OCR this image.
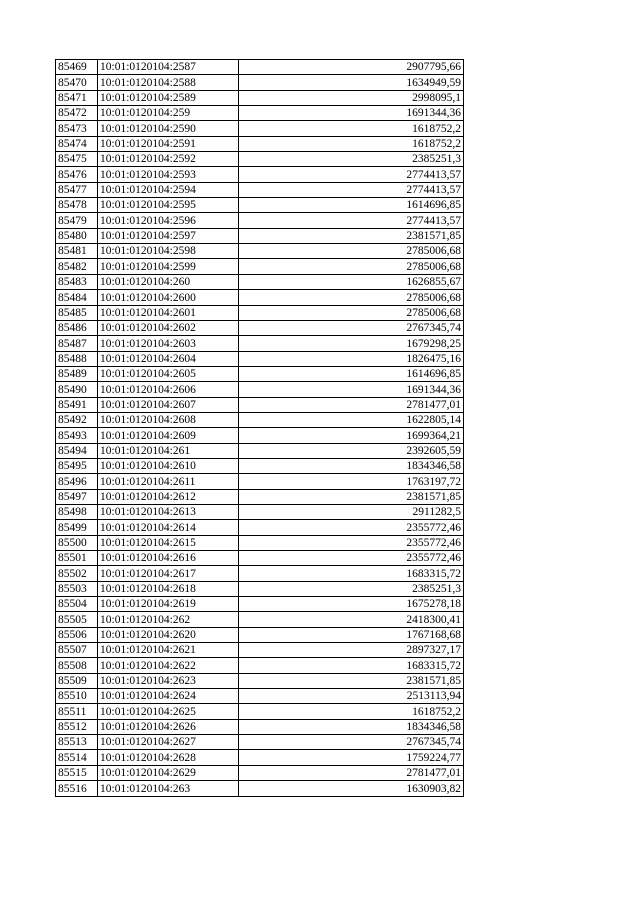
85469	10:01:0120104:2587	2907795,66
85470	10:01:0120104:2588	1634949,59
85471	10:01:0120104:2589	2998095,1
85472	10:01:0120104:259	1691344,36
85473	10:01:0120104:2590	1618752,2
85474	10:01:0120104:2591	1618752,2
85475	10:01:0120104:2592	2385251,3
85476	10:01:0120104:2593	2774413,57
85477	10:01:0120104:2594	2774413,57
85478	10:01:0120104:2595	1614696,85
85479	10:01:0120104:2596	2774413,57
85480	10:01:0120104:2597	2381571,85
85481	10:01:0120104:2598	2785006,68
85482	10:01:0120104:2599	2785006,68
85483	10:01:0120104:260	1626855,67
85484	10:01:0120104:2600	2785006,68
85485	10:01:0120104:2601	2785006,68
85486	10:01:0120104:2602	2767345,74
85487	10:01:0120104:2603	1679298,25
85488	10:01:0120104:2604	1826475,16
85489	10:01:0120104:2605	1614696,85
85490	10:01:0120104:2606	1691344,36
85491	10:01:0120104:2607	2781477,01
85492	10:01:0120104:2608	1622805,14
85493	10:01:0120104:2609	1699364,21
85494	10:01:0120104:261	2392605,59
85495	10:01:0120104:2610	1834346,58
85496	10:01:0120104:2611	1763197,72
85497	10:01:0120104:2612	2381571,85
85498	10:01:0120104:2613	2911282,5
85499	10:01:0120104:2614	2355772,46
85500	10:01:0120104:2615	2355772,46
85501	10:01:0120104:2616	2355772,46
85502	10:01:0120104:2617	1683315,72
85503	10:01:0120104:2618	2385251,3
85504	10:01:0120104:2619	1675278,18
85505	10:01:0120104:262	2418300,41
85506	10:01:0120104:2620	1767168,68
85507	10:01:0120104:2621	2897327,17
85508	10:01:0120104:2622	1683315,72
85509	10:01:0120104:2623	2381571,85
85510	10:01:0120104:2624	2513113,94
85511	10:01:0120104:2625	1618752,2
85512	10:01:0120104:2626	1834346,58
85513	10:01:0120104:2627	2767345,74
85514	10:01:0120104:2628	1759224,77
85515	10:01:0120104:2629	2781477,01
85516	10:01:0120104:263	1630903,82
